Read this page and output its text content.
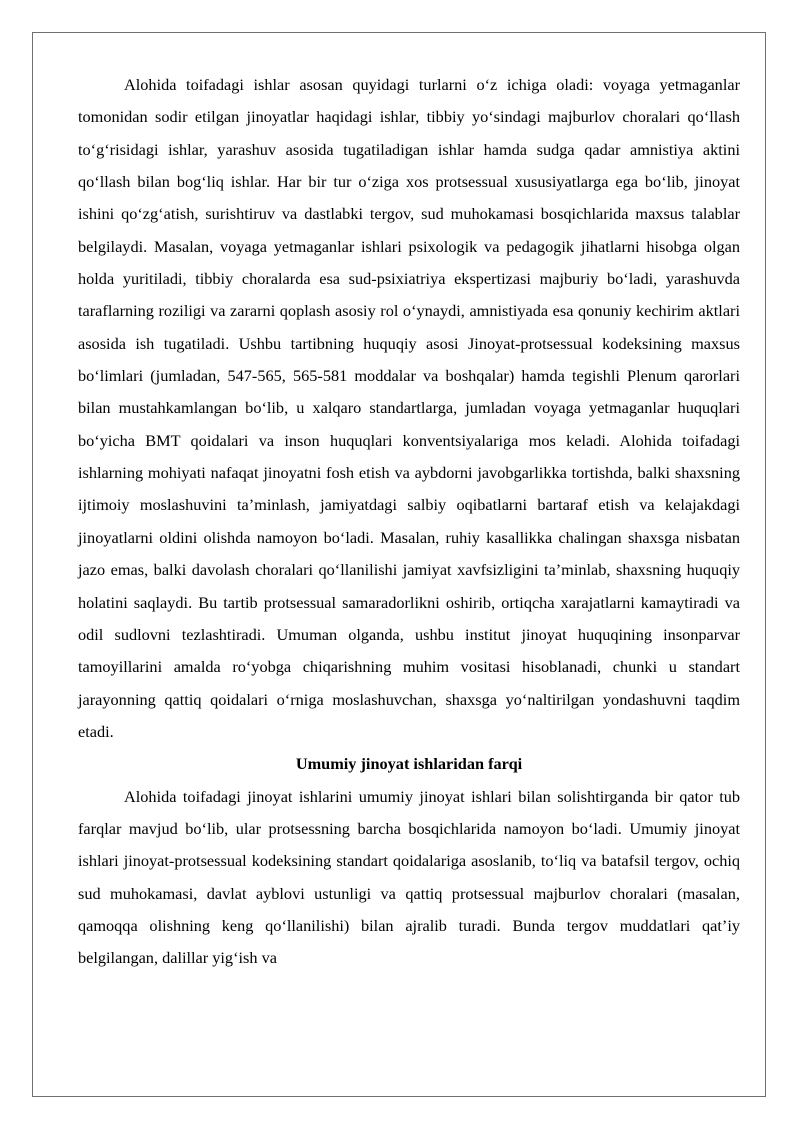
Alohida toifadagi ishlar asosan quyidagi turlarni o‘z ichiga oladi: voyaga yetmaganlar tomonidan sodir etilgan jinoyatlar haqidagi ishlar, tibbiy yo‘sindagi majburlov choralari qo‘llash to‘g‘risidagi ishlar, yarashuv asosida tugatiladigan ishlar hamda sudga qadar amnistiya aktini qo‘llash bilan bog‘liq ishlar. Har bir tur o‘ziga xos protsessual xususiyatlarga ega bo‘lib, jinoyat ishini qo‘zg‘atish, surishtiruv va dastlabki tergov, sud muhokamasi bosqichlarida maxsus talablar belgilaydi. Masalan, voyaga yetmaganlar ishlari psixologik va pedagogik jihatlarni hisobga olgan holda yuritiladi, tibbiy choralarda esa sud-psixiatriya ekspertizasi majburiy bo‘ladi, yarashuvda taraflarning roziligi va zararni qoplash asosiy rol o‘ynaydi, amnistiyada esa qonuniy kechirim aktlari asosida ish tugatiladi. Ushbu tartibning huquqiy asosi Jinoyat-protsessual kodeksining maxsus bo‘limlari (jumladan, 547-565, 565-581 moddalar va boshqalar) hamda tegishli Plenum qarorlari bilan mustahkamlangan bo‘lib, u xalqaro standartlarga, jumladan voyaga yetmaganlar huquqlari bo‘yicha BMT qoidalari va inson huquqlari konventsiyalariga mos keladi. Alohida toifadagi ishlarning mohiyati nafaqat jinoyatni fosh etish va aybdorni javobgarlikka tortishda, balki shaxsning ijtimoiy moslashuvini ta’minlash, jamiyatdagi salbiy oqibatlarni bartaraf etish va kelajakdagi jinoyatlarni oldini olishda namoyon bo‘ladi. Masalan, ruhiy kasallikka chalingan shaxsga nisbatan jazo emas, balki davolash choralari qo‘llanilishi jamiyat xavfsizligini ta’minlab, shaxsning huquqiy holatini saqlaydi. Bu tartib protsessual samaradorlikni oshirib, ortiqcha xarajatlarni kamaytiradi va odil sudlovni tezlashtiradi. Umuman olganda, ushbu institut jinoyat huquqining insonparvar tamoyillarini amalda ro‘yobga chiqarishning muhim vositasi hisoblanadi, chunki u standart jarayonning qattiq qoidalari o‘rniga moslashuvchan, shaxsga yo‘naltirilgan yondashuvni taqdim etadi.

Umumiy jinoyat ishlaridan farqi

Alohida toifadagi jinoyat ishlarini umumiy jinoyat ishlari bilan solishtirganda bir qator tub farqlar mavjud bo‘lib, ular protsessning barcha bosqichlarida namoyon bo‘ladi. Umumiy jinoyat ishlari jinoyat-protsessual kodeksining standart qoidalariga asoslanib, to‘liq va batafsil tergov, ochiq sud muhokamasi, davlat ayblovi ustunligi va qattiq protsessual majburlov choralari (masalan, qamoqqa olishning keng qo‘llanilishi) bilan ajralib turadi. Bunda tergov muddatlari qat’iy belgilangan, dalillar yig‘ish va
